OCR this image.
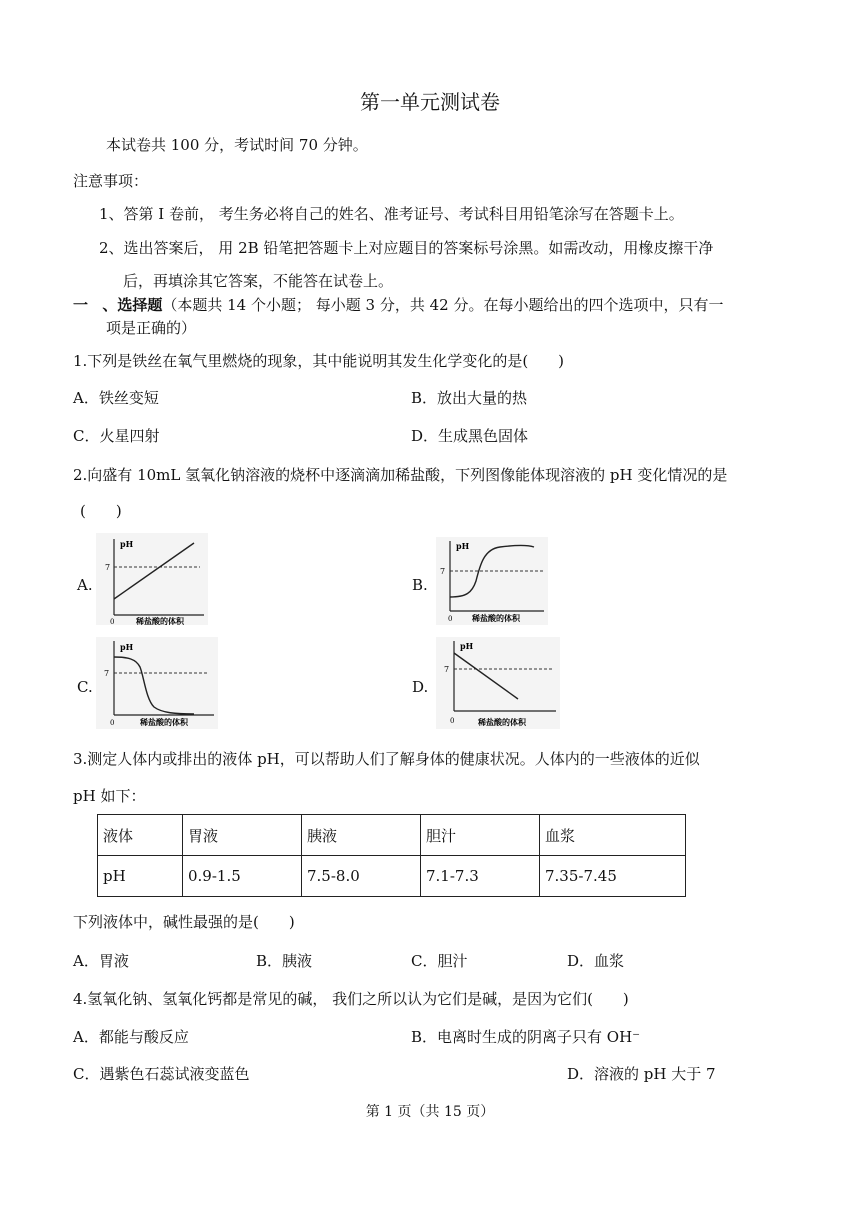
第一单元测试卷
本试卷共 100 分，考试时间 70 分钟。
注意事项：
1、答第 I 卷前， 考生务必将自己的姓名、准考证号、考试科目用铅笔涂写在答题卡上。
2、选出答案后， 用 2B 铅笔把答题卡上对应题目的答案标号涂黑。如需改动，用橡皮擦干净
后，再填涂其它答案，不能答在试卷上。
一 、选择题（本题共 14 个小题； 每小题 3 分，共 42 分。在每小题给出的四个选项中，只有一
项是正确的）
1.下列是铁丝在氧气里燃烧的现象，其中能说明其发生化学变化的是(　　)
A．铁丝变短	B．放出大量的热
C．火星四射	D．生成黑色固体
2.向盛有 10mL 氢氧化钠溶液的烧杯中逐滴滴加稀盐酸，下列图像能体现溶液的 pH 变化情况的是
(　　)
A.	B.
C.	D.
pH
7
0	稀盐酸的体积
pH
7
0 稀盐酸的体积
pH
7
0	稀盐酸的体积
pH
7
0	稀盐酸的体积
3.测定人体内或排出的液体 pH，可以帮助人们了解身体的健康状况。人体内的一些液体的近似
pH 如下：
液体	胃液	胰液	胆汁	血浆
pH	0.9-1.5	7.5-8.0	7.1-7.3	7.35-7.45
下列液体中，碱性最强的是(　　)
A．胃液	B．胰液	C．胆汁	D．血浆
4.氢氧化钠、氢氧化钙都是常见的碱， 我们之所以认为它们是碱，是因为它们(　　)
A．都能与酸反应	B．电离时生成的阴离子只有 OH⁻
C．遇紫色石蕊试液变蓝色	D．溶液的 pH 大于 7
第 1 页（共 15 页）
